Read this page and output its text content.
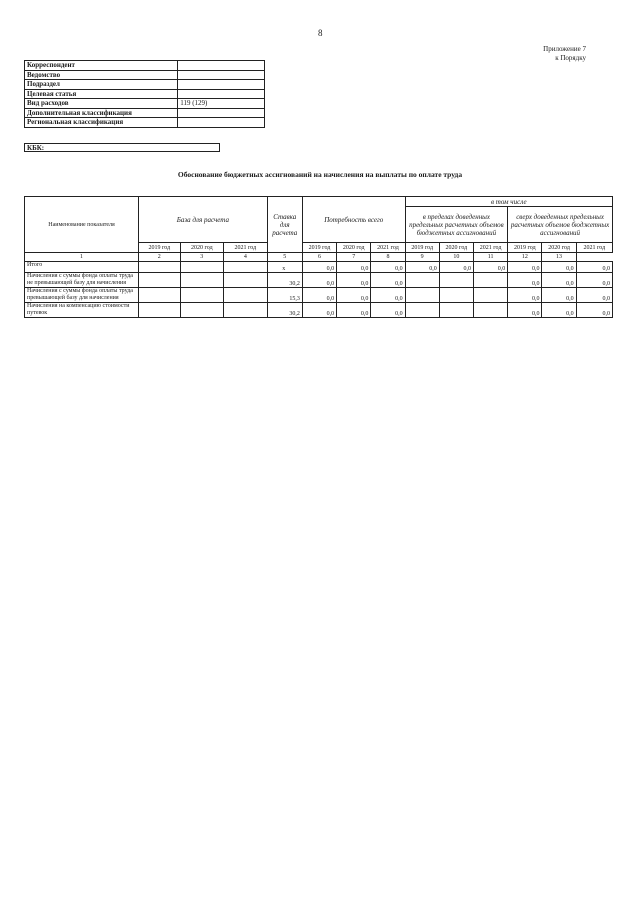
8
Приложение 7
к Порядку
Корреспондент	
Ведомство	
Подраздел	
Целевая статья	
Вид расходов	119 (129)
Дополнительная классификация	
Региональная классификация	
КБК:
Обоснование бюджетных ассигнований на начисления на выплаты по оплате труда
Наименование показателя	База для расчета			Ставка для расчета	Потребность всего			в том числе					
								в пределах доведенных предельных расчетных объемов бюджетных ассигнований			сверх доведенных предельных расчетных объемов бюджетных ассигнований		
	2019 год	2020 год	2021 год		2019 год	2020 год	2021 год	2019 год	2020 год	2021 год	2019 год	2020 год	2021 год
1	2	3	4	5	6	7	8	9	10	11	12	13	
Итого				х	0,0	0,0	0,0	0,0	0,0	0,0	0,0	0,0	0,0
Начисления с суммы фонда оплаты труда не превышающей базу для начисления				30,2	0,0	0,0	0,0				0,0	0,0	0,0
Начисления с суммы фонда оплаты труда превышающей базу для начисления				15,3	0,0	0,0	0,0				0,0	0,0	0,0
Начисления на компенсацию стоимости путевок				30,2	0,0	0,0	0,0				0,0	0,0	0,0
